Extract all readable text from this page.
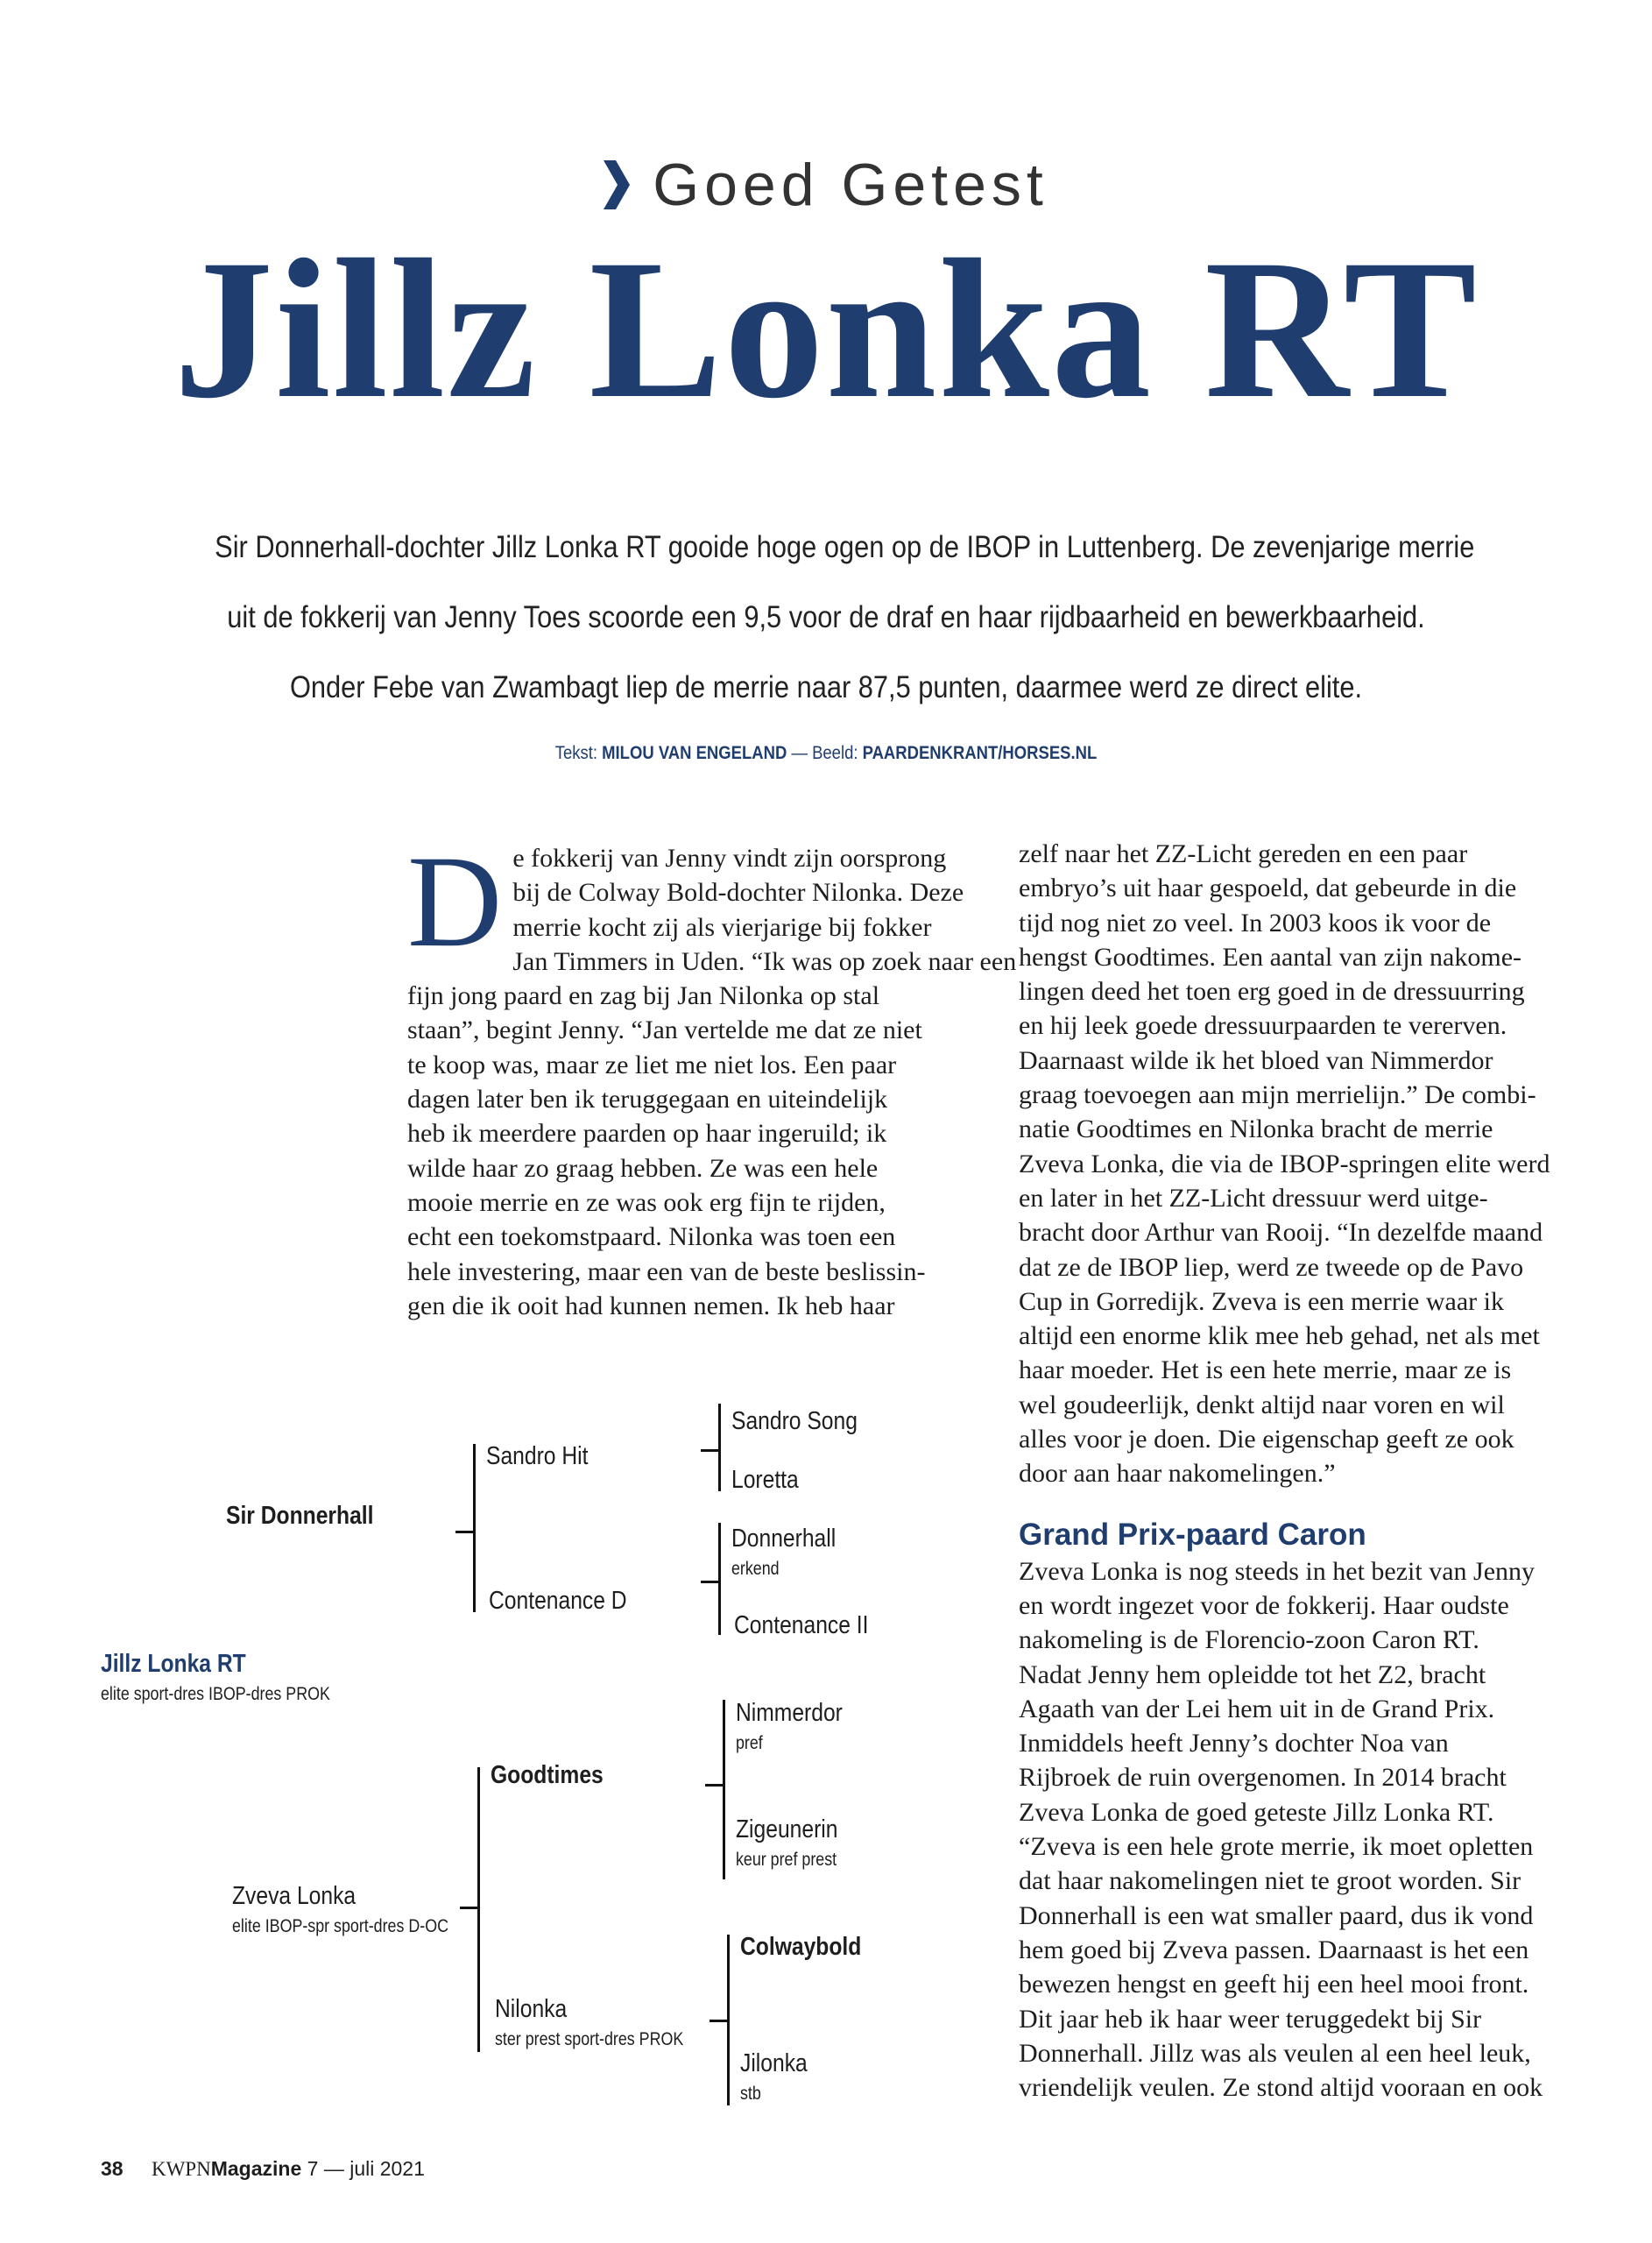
Goed Getest
Jillz Lonka RT

Sir Donnerhall-dochter Jillz Lonka RT gooide hoge ogen op de IBOP in Luttenberg. De zevenjarige merrie

uit de fokkerij van Jenny Toes scoorde een 9,5 voor de draf en haar rijdbaarheid en bewerkbaarheid.

Onder Febe van Zwambagt liep de merrie naar 87,5 punten, daarmee werd ze direct elite.

Tekst: MILOU VAN ENGELAND — Beeld: PAARDENKRANT/HORSES.NL
D e fokkerij van Jenny vindt zijn oorsprong

bij de Colway Bold-dochter Nilonka. Deze

merrie kocht zij als vierjarige bij fokker

Jan Timmers in Uden. “Ik was op zoek naar een

fijn jong paard en zag bij Jan Nilonka op stal

staan”, begint Jenny. “Jan vertelde me dat ze niet

te koop was, maar ze liet me niet los. Een paar

dagen later ben ik teruggegaan en uiteindelijk

heb ik meerdere paarden op haar ingeruild; ik

wilde haar zo graag hebben. Ze was een hele

mooie merrie en ze was ook erg fijn te rijden,

echt een toekomstpaard. Nilonka was toen een

hele investering, maar een van de beste beslissin-

gen die ik ooit had kunnen nemen. Ik heb haar

zelf naar het ZZ-Licht gereden en een paar

embryo’s uit haar gespoeld, dat gebeurde in die

tijd nog niet zo veel. In 2003 koos ik voor de

hengst Goodtimes. Een aantal van zijn nakome-

lingen deed het toen erg goed in de dressuurring

en hij leek goede dressuurpaarden te vererven.

Daarnaast wilde ik het bloed van Nimmerdor

graag toevoegen aan mijn merrielijn.” De combi-

natie Goodtimes en Nilonka bracht de merrie

Zveva Lonka, die via de IBOP-springen elite werd

en later in het ZZ-Licht dressuur werd uitge-

bracht door Arthur van Rooij. “In dezelfde maand

dat ze de IBOP liep, werd ze tweede op de Pavo

Cup in Gorredijk. Zveva is een merrie waar ik

altijd een enorme klik mee heb gehad, net als met

haar moeder. Het is een hete merrie, maar ze is

wel goudeerlijk, denkt altijd naar voren en wil

alles voor je doen. Die eigenschap geeft ze ook

door aan haar nakomelingen.”

Grand Prix-paard Caron

Zveva Lonka is nog steeds in het bezit van Jenny

en wordt ingezet voor de fokkerij. Haar oudste

nakomeling is de Florencio-zoon Caron RT.

Nadat Jenny hem opleidde tot het Z2, bracht

Agaath van der Lei hem uit in de Grand Prix.

Inmiddels heeft Jenny’s dochter Noa van

Rijbroek de ruin overgenomen. In 2014 bracht

Zveva Lonka de goed geteste Jillz Lonka RT.

“Zveva is een hele grote merrie, ik moet opletten

dat haar nakomelingen niet te groot worden. Sir

Donnerhall is een wat smaller paard, dus ik vond

hem goed bij Zveva passen. Daarnaast is het een

bewezen hengst en geeft hij een heel mooi front.

Dit jaar heb ik haar weer teruggedekt bij Sir

Donnerhall. Jillz was als veulen al een heel leuk,

vriendelijk veulen. Ze stond altijd vooraan en ook

Jillz Lonka RT
elite sport-dres IBOP-dres PROK
Sir Donnerhall
Zveva Lonka
elite IBOP-spr sport-dres D-OC
Sandro Hit
Contenance D
Goodtimes
Nilonka
ster prest sport-dres PROK
Sandro Song
Loretta
Donnerhall
erkend
Contenance II
Nimmerdor
pref
Zigeunerin
keur pref prest
Colwaybold
Jilonka
stb
38 KWPNMagazine 7 — juli 2021
